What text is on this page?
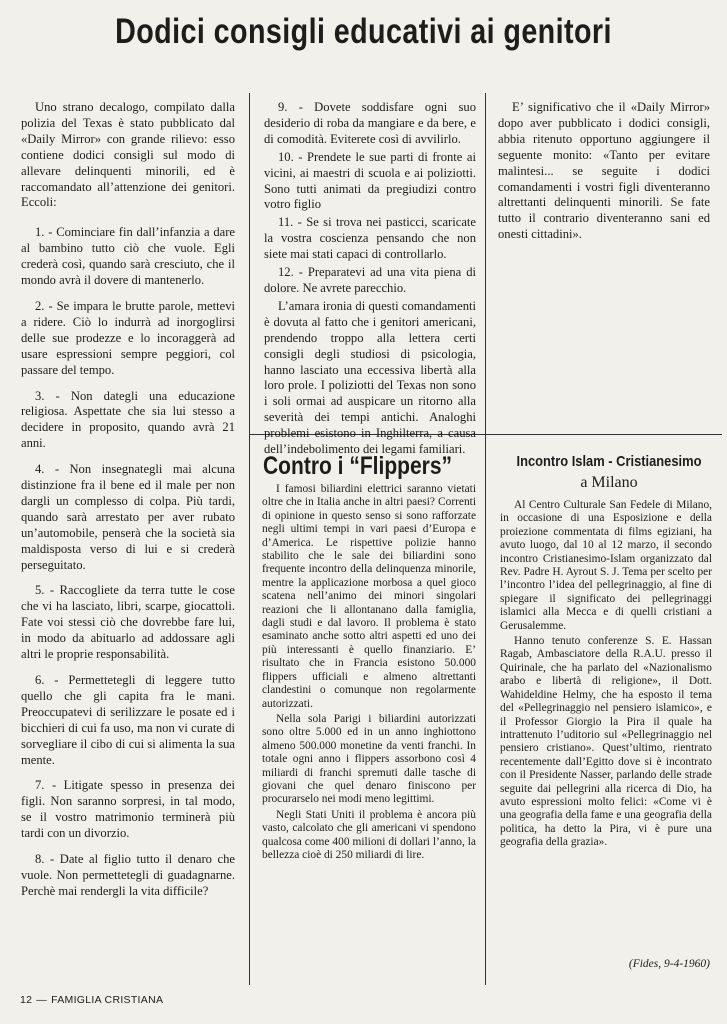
Dodici consigli educativi ai genitori

Uno strano decalogo, compilato dalla polizia del Texas è stato pubblicato dal «Daily Mirror» con grande rilievo: esso contiene dodici consigli sul modo di allevare delinquenti minorili, ed è raccomandato all’attenzione dei genitori. Eccoli:

1. - Cominciare fin dall’infanzia a dare al bambino tutto ciò che vuole. Egli crederà così, quando sarà cresciuto, che il mondo avrà il dovere di mantenerlo.

2. - Se impara le brutte parole, mettevi a ridere. Ciò lo indurrà ad inorgoglirsi delle sue prodezze e lo incoraggerà ad usare espressioni sempre peggiori, col passare del tempo.

3. - Non dategli una educazione religiosa. Aspettate che sia lui stesso a decidere in proposito, quando avrà 21 anni.

4. - Non insegnategli mai alcuna distinzione fra il bene ed il male per non dargli un complesso di colpa. Più tardi, quando sarà arrestato per aver rubato un’automobile, penserà che la società sia maldisposta verso di lui e si crederà perseguitato.

5. - Raccogliete da terra tutte le cose che vi ha lasciato, libri, scarpe, giocattoli. Fate voi stessi ciò che dovrebbe fare lui, in modo da abituarlo ad addossare agli altri le proprie responsabilità.

6. - Permettetegli di leggere tutto quello che gli capita fra le mani. Preoccupatevi di serilizzare le posate ed i bicchieri di cui fa uso, ma non vi curate di sorvegliare il cibo di cui si alimenta la sua mente.

7. - Litigate spesso in presenza dei figli. Non saranno sorpresi, in tal modo, se il vostro matrimonio terminerà più tardi con un divorzio.

8. - Date al figlio tutto il denaro che vuole. Non permettetegli di guadagnarne. Perchè mai rendergli la vita difficile?

9. - Dovete soddisfare ogni suo desiderio di roba da mangiare e da bere, e di comodità. Eviterete così di avvilirlo.

10. - Prendete le sue parti di fronte ai vicini, ai maestri di scuola e ai poliziotti. Sono tutti animati da pregiudizi contro votro figlio

11. - Se si trova nei pasticci, scaricate la vostra coscienza pensando che non siete mai stati capaci di controllarlo.

12. - Preparatevi ad una vita piena di dolore. Ne avrete parecchio.

L’amara ironia di questi comandamenti è dovuta al fatto che i genitori americani, prendendo troppo alla lettera certi consigli degli studiosi di psicologia, hanno lasciato una eccessiva libertà alla loro prole. I poliziotti del Texas non sono i soli ormai ad auspicare un ritorno alla severità dei tempi antichi. Analoghi problemi esistono in Inghilterra, a causa dell’indebolimento dei legami familiari.

E’ significativo che il «Daily Mirror» dopo aver pubblicato i dodici consigli, abbia ritenuto opportuno aggiungere il seguente monito: «Tanto per evitare malintesi... se seguite i dodici comandamenti i vostri figli diventeranno altrettanti delinquenti minorili. Se fate tutto il contrario diventeranno sani ed onesti cittadini».

Contro i “Flippers”

I famosi biliardini elettrici saranno vietati oltre che in Italia anche in altri paesi? Correnti di opinione in questo senso si sono rafforzate negli ultimi tempi in vari paesi d’Europa e d’America. Le rispettive polizie hanno stabilito che le sale dei biliardini sono frequente incontro della delinquenza minorile, mentre la applicazione morbosa a quel gioco scatena nell’animo dei minori singolari reazioni che li allontanano dalla famiglia, dagli studi e dal lavoro. Il problema è stato esaminato anche sotto altri aspetti ed uno dei più interessanti è quello finanziario. E’ risultato che in Francia esistono 50.000 flippers ufficiali e almeno altrettanti clandestini o comunque non regolarmente autorizzati.

Nella sola Parigi i biliardini autorizzati sono oltre 5.000 ed in un anno inghiottono almeno 500.000 monetine da venti franchi. In totale ogni anno i flippers assorbono così 4 miliardi di franchi spremuti dalle tasche di giovani che quel denaro finiscono per procurarselo nei modi meno legittimi.

Negli Stati Uniti il problema è ancora più vasto, calcolato che gli americani vi spendono qualcosa come 400 milioni di dollari l’anno, la bellezza cioè di 250 miliardi di lire.

Incontro Islam - Cristianesimo
a Milano

Al Centro Culturale San Fedele di Milano, in occasione di una Esposizione e della proiezione commentata di films egiziani, ha avuto luogo, dal 10 al 12 marzo, il secondo incontro Cristianesimo-Islam organizzato dal Rev. Padre H. Ayrout S. J. Tema per scelto per l’incontro l’idea del pellegrinaggio, al fine di spiegare il significato dei pellegrinaggi islamici alla Mecca e di quelli cristiani a Gerusalemme.

Hanno tenuto conferenze S. E. Hassan Ragab, Ambasciatore della R.A.U. presso il Quirinale, che ha parlato del «Nazionalismo arabo e libertà di religione», il Dott. Wahideldine Helmy, che ha esposto il tema del «Pellegrinaggio nel pensiero islamico», e il Professor Giorgio la Pira il quale ha intrattenuto l’uditorio sul «Pellegrinaggio nel pensiero cristiano». Quest’ultimo, rientrato recentemente dall’Egitto dove si è incontrato con il Presidente Nasser, parlando delle strade seguite dai pellegrini alla ricerca di Dio, ha avuto espressioni molto felici: «Come vi è una geografia della fame e una geografia della politica, ha detto la Pira, vi è pure una geografia della grazia».

(Fides, 9-4-1960)
12 — FAMIGLIA CRISTIANA
